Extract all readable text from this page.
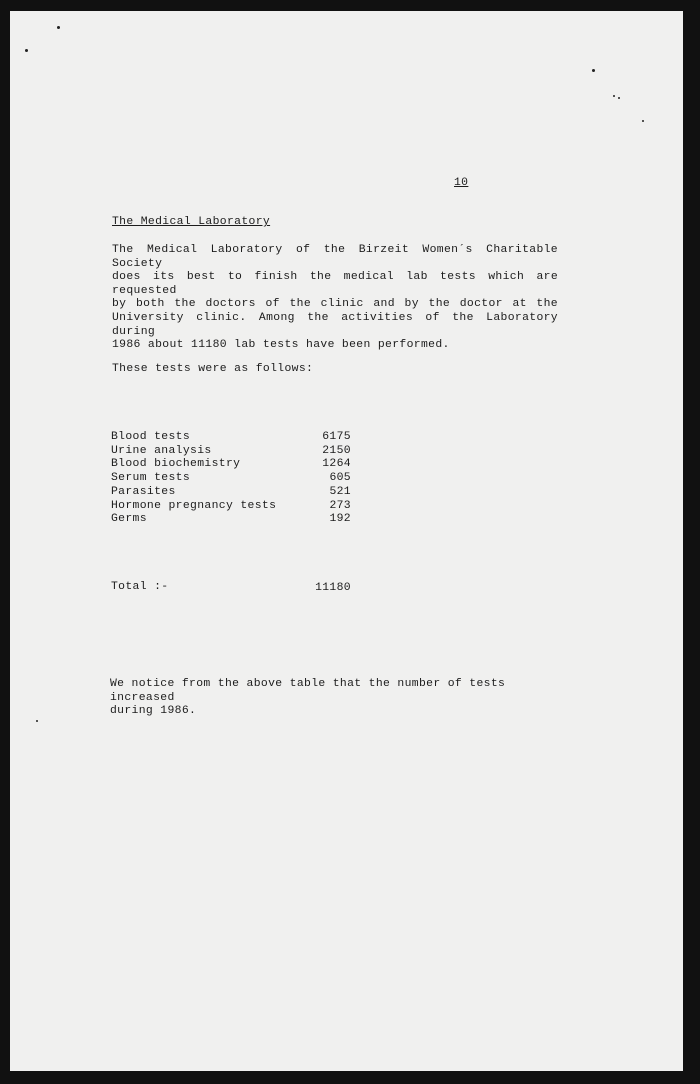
10
The Medical Laboratory
The Medical Laboratory of the Birzeit Women´s Charitable Society
does its best to finish the medical lab tests which are requested
by both the doctors of the clinic and by the doctor at the
University clinic. Among the activities of the Laboratory during
1986 about 11180 lab tests have been performed.
These tests were as follows:
Blood tests	6175
Urine analysis	2150
Blood biochemistry	1264
Serum tests	605
Parasites	521
Hormone pregnancy tests	273
Germs	192
Total :-	11180
We notice from the above table that the number of tests increased
during 1986.
